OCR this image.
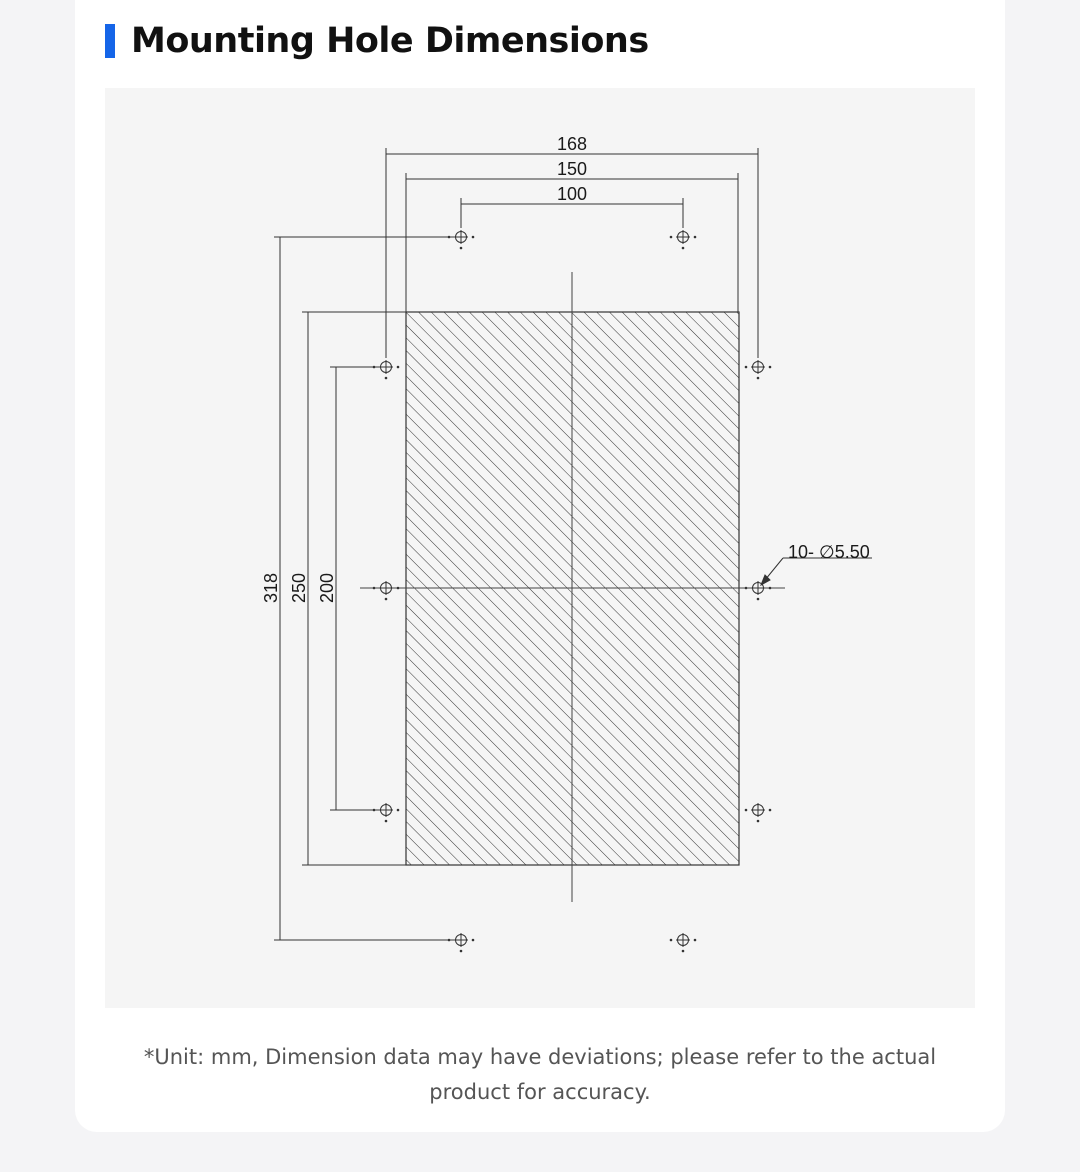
Mounting Hole Dimensions
168
150
100
318 250 200
10- ∅5.50
*Unit: mm, Dimension data may have deviations; please refer to the actual product for accuracy.
